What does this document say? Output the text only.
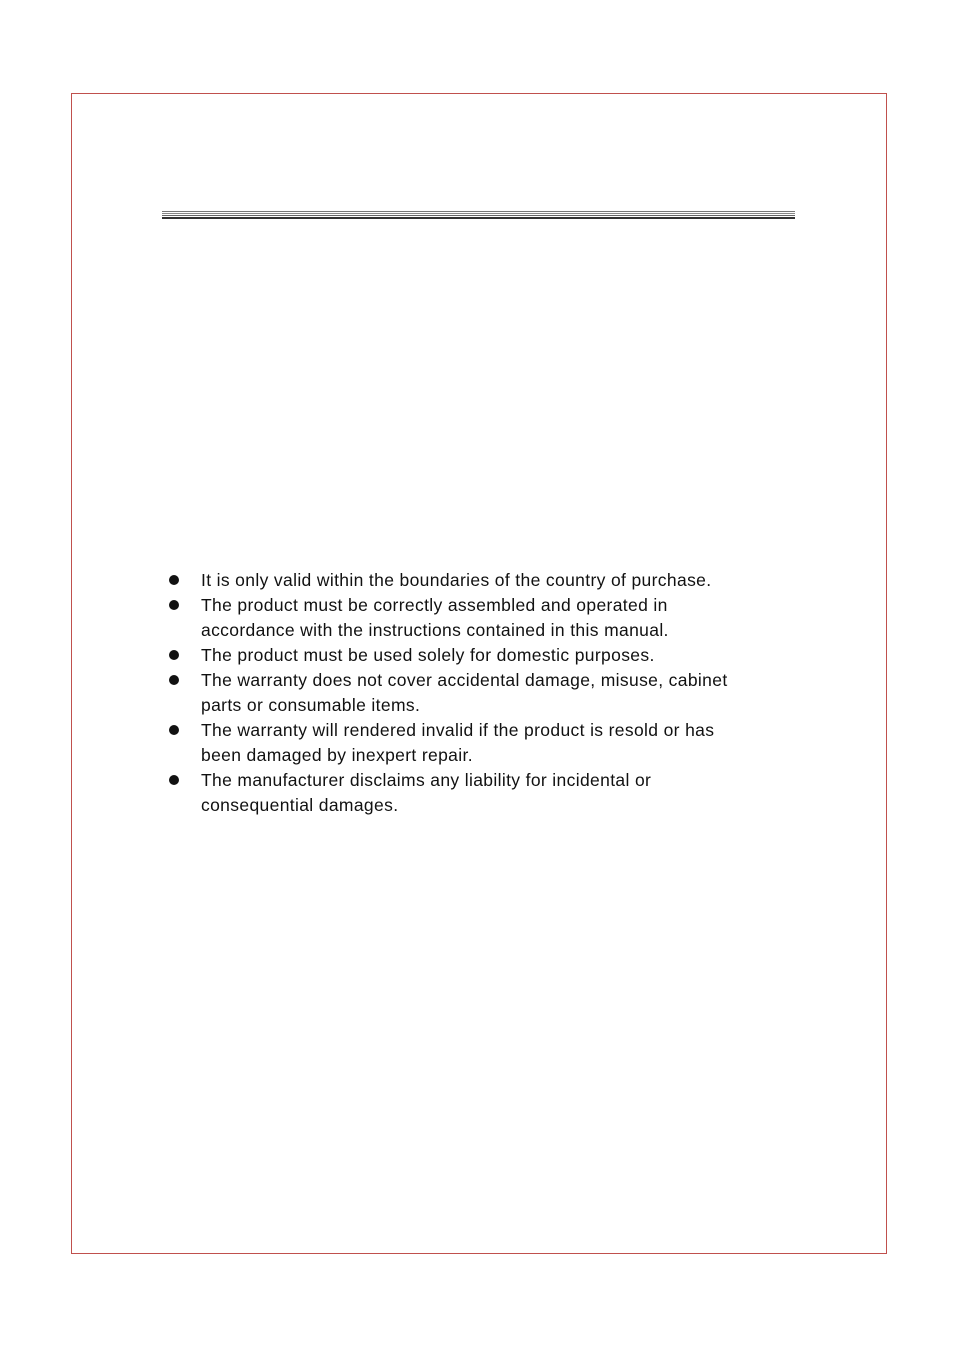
It is only valid within the boundaries of the country of purchase.
The product must be correctly assembled and operated in
accordance with the instructions contained in this manual.
The product must be used solely for domestic purposes.
The warranty does not cover accidental damage, misuse, cabinet
parts or consumable items.
The warranty will rendered invalid if the product is resold or has
been damaged by inexpert repair.
The manufacturer disclaims any liability for incidental or
consequential damages.
